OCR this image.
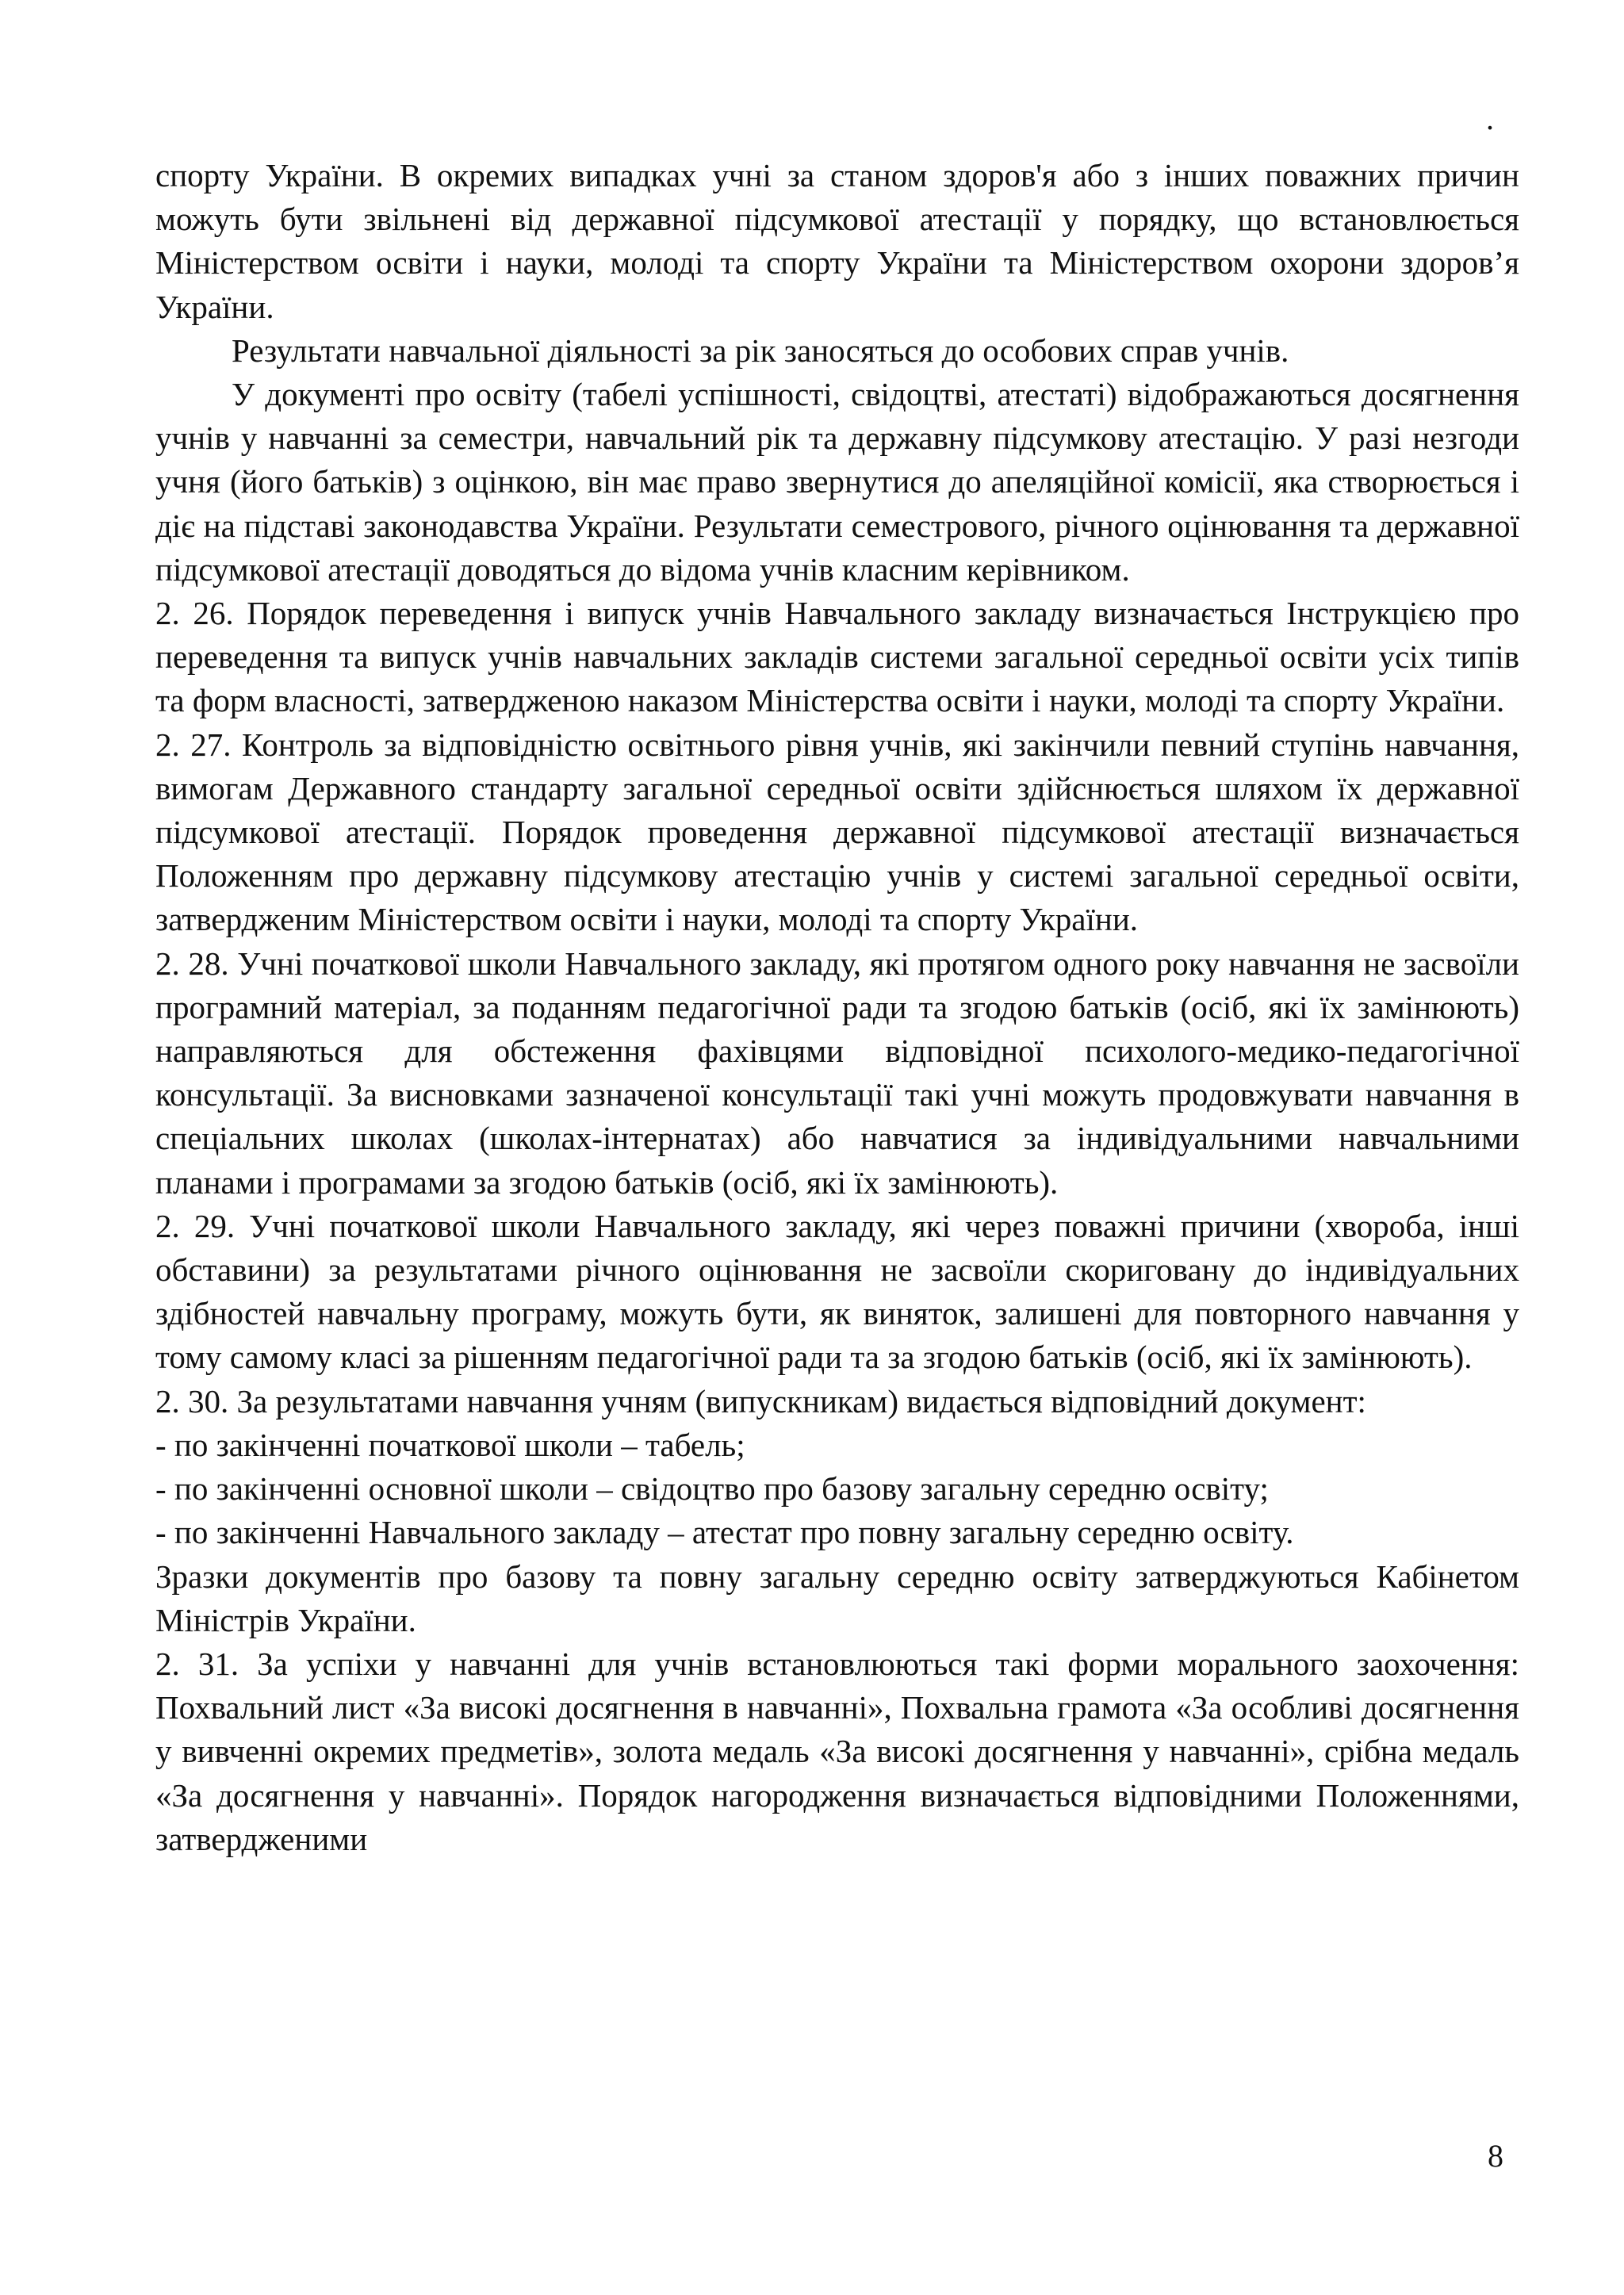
.

спорту України. В окремих випадках учні за станом здоров'я або з інших поважних причин можуть бути звільнені від державної підсумкової атестації у порядку, що встановлюється Міністерством освіти і науки, молоді та спорту України та Міністерством охорони здоров’я України.

Результати навчальної діяльності за рік заносяться до особових справ учнів.

У документі про освіту (табелі успішності, свідоцтві, атестаті) відображаються досягнення учнів у навчанні за семестри, навчальний рік та державну підсумкову атестацію. У разі незгоди учня (його батьків) з оцінкою, він має право звернутися до апеляційної комісії, яка створюється і діє на підставі законодавства України. Результати семестрового, річного оцінювання та державної підсумкової атестації доводяться до відома учнів класним керівником.

2. 26. Порядок переведення і випуск учнів Навчального закладу визначається Інструкцією про переведення та випуск учнів навчальних закладів системи загальної середньої освіти усіх типів та форм власності, затвердженою наказом Міністерства освіти і науки, молоді та спорту України.

2. 27. Контроль за відповідністю освітнього рівня учнів, які закінчили певний ступінь навчання, вимогам Державного стандарту загальної середньої освіти здійснюється шляхом їх державної підсумкової атестації. Порядок проведення державної підсумкової атестації визначається Положенням про державну підсумкову атестацію учнів у системі загальної середньої освіти, затвердженим Міністерством освіти і науки, молоді та спорту України.

2. 28. Учні початкової школи Навчального закладу, які протягом одного року навчання не засвоїли програмний матеріал, за поданням педагогічної ради та згодою батьків (осіб, які їх замінюють) направляються для обстеження фахівцями відповідної психолого-медико-педагогічної консультації. За висновками зазначеної консультації такі учні можуть продовжувати навчання в спеціальних школах (школах-інтернатах) або навчатися за індивідуальними навчальними планами і програмами за згодою батьків (осіб, які їх замінюють).

2. 29. Учні початкової школи Навчального закладу, які через поважні причини (хвороба, інші обставини) за результатами річного оцінювання не засвоїли скориговану до індивідуальних здібностей навчальну програму, можуть бути, як виняток, залишені для повторного навчання у тому самому класі за рішенням педагогічної ради та за згодою батьків (осіб, які їх замінюють).

2. 30. За результатами навчання учням (випускникам) видається відповідний документ:

- по закінченні початкової школи – табель;

- по закінченні основної школи – свідоцтво про базову загальну середню освіту;

- по закінченні Навчального закладу – атестат про повну загальну середню освіту.

Зразки документів про базову та повну загальну середню освіту затверджуються Кабінетом Міністрів України.

2. 31. За успіхи у навчанні для учнів встановлюються такі форми морального заохочення: Похвальний лист «За високі досягнення в навчанні», Похвальна грамота «За особливі досягнення у вивченні окремих предметів», золота медаль «За високі досягнення у навчанні», срібна медаль «За досягнення у навчанні». Порядок нагородження визначається відповідними Положеннями, затвердженими

8
